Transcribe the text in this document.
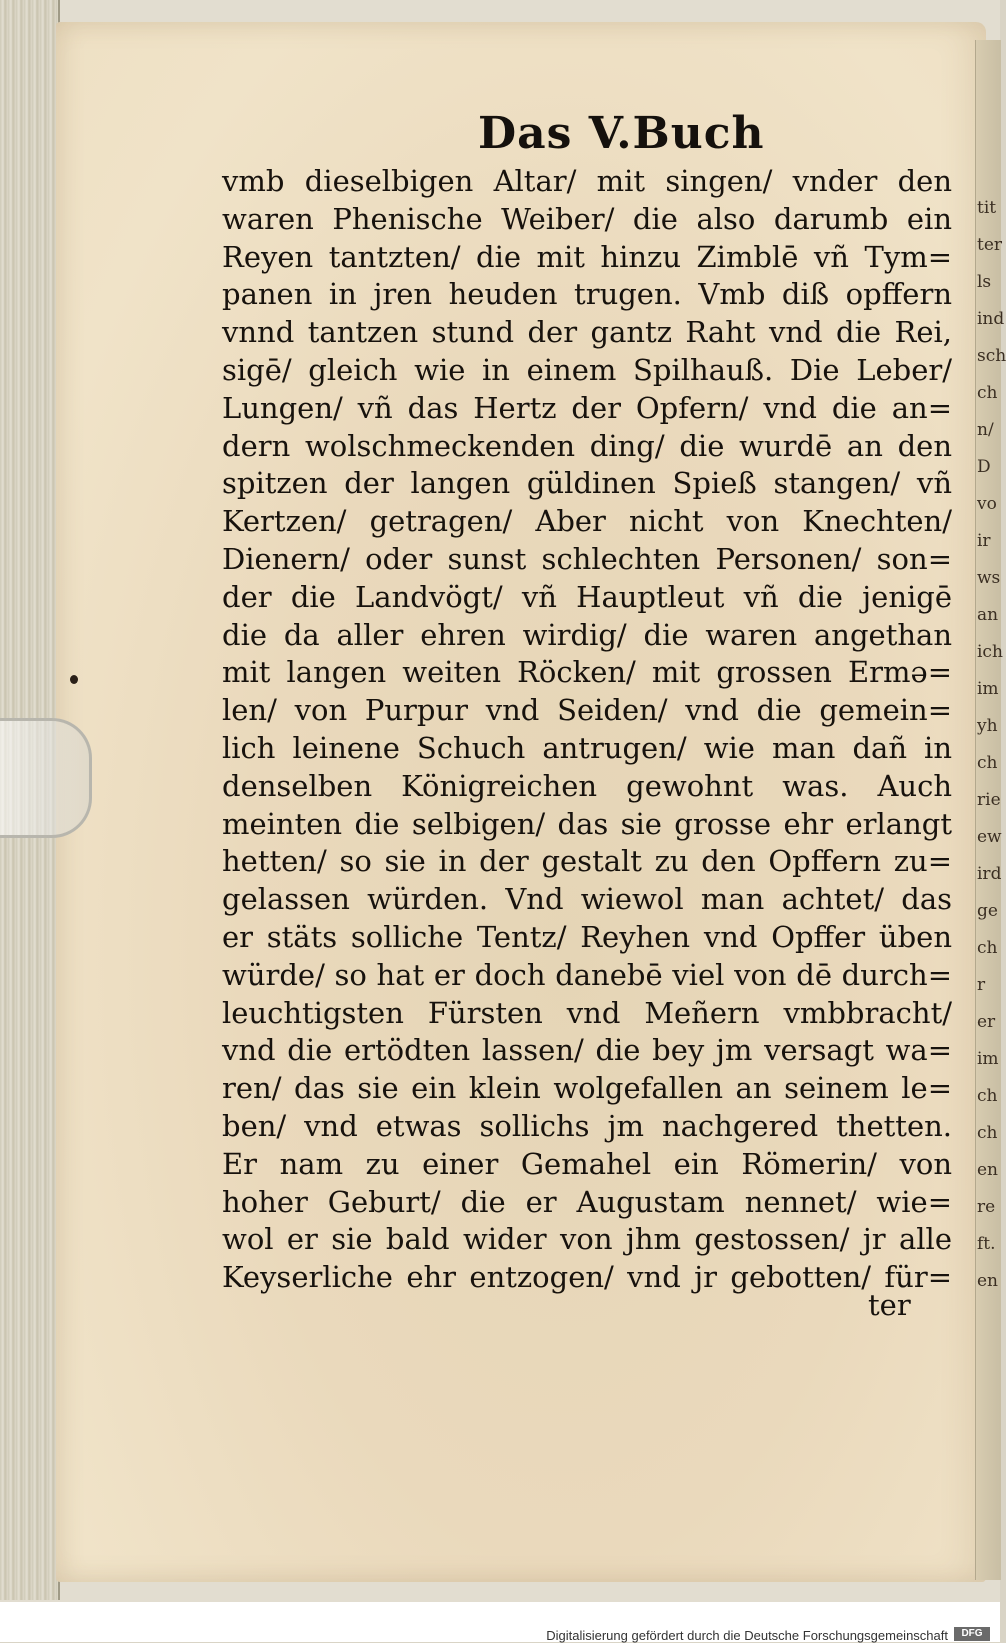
tit
ter
ls
ind
sch
ch
n/
D
vo
ir
ws
an
ich
im
yh
ch
rie
ew
ird
ge
ch
r
er
im
ch
ch
en
re
ft.
en
Das V.Buch
vmb dieselbigen Altar/ mit singen/ vnder den
waren Phenische Weiber/ die also darumb ein
Reyen tantzten/ die mit hinzu Zimblē vñ Tym=
panen in jren heuden trugen. Vmb diß opffern
vnnd tantzen stund der gantz Raht vnd die Rei,
sigē/ gleich wie in einem Spilhauß. Die Leber/
Lungen/ vñ das Hertz der Opfern/ vnd die an=
dern wolschmeckenden ding/ die wurdē an den
spitzen der langen güldinen Spieß stangen/ vñ
Kertzen/ getragen/ Aber nicht von Knechten/
Dienern/ oder sunst schlechten Personen/ son=
der die Landvögt/ vñ Hauptleut vñ die jenigē
die da aller ehren wirdig/ die waren angethan
mit langen weiten Röcken/ mit grossen Ermǝ=
len/ von Purpur vnd Seiden/ vnd die gemein=
lich leinene Schuch antrugen/ wie man dañ in
denselben Königreichen gewohnt was. Auch
meinten die selbigen/ das sie grosse ehr erlangt
hetten/ so sie in der gestalt zu den Opffern zu=
gelassen würden. Vnd wiewol man achtet/ das
er stäts solliche Tentz/ Reyhen vnd Opffer üben
würde/ so hat er doch danebē viel von dē durch=
leuchtigsten Fürsten vnd Meñern vmbbracht/
vnd die ertödten lassen/ die bey jm versagt wa=
ren/ das sie ein klein wolgefallen an seinem le=
ben/ vnd etwas sollichs jm nachgered thetten.
Er nam zu einer Gemahel ein Römerin/ von
hoher Geburt/ die er Augustam nennet/ wie=
wol er sie bald wider von jhm gestossen/ jr alle
Keyserliche ehr entzogen/ vnd jr gebotten/ für=
ter
Digitalisierung gefördert durch die Deutsche Forschungsgemeinschaft	DFG
